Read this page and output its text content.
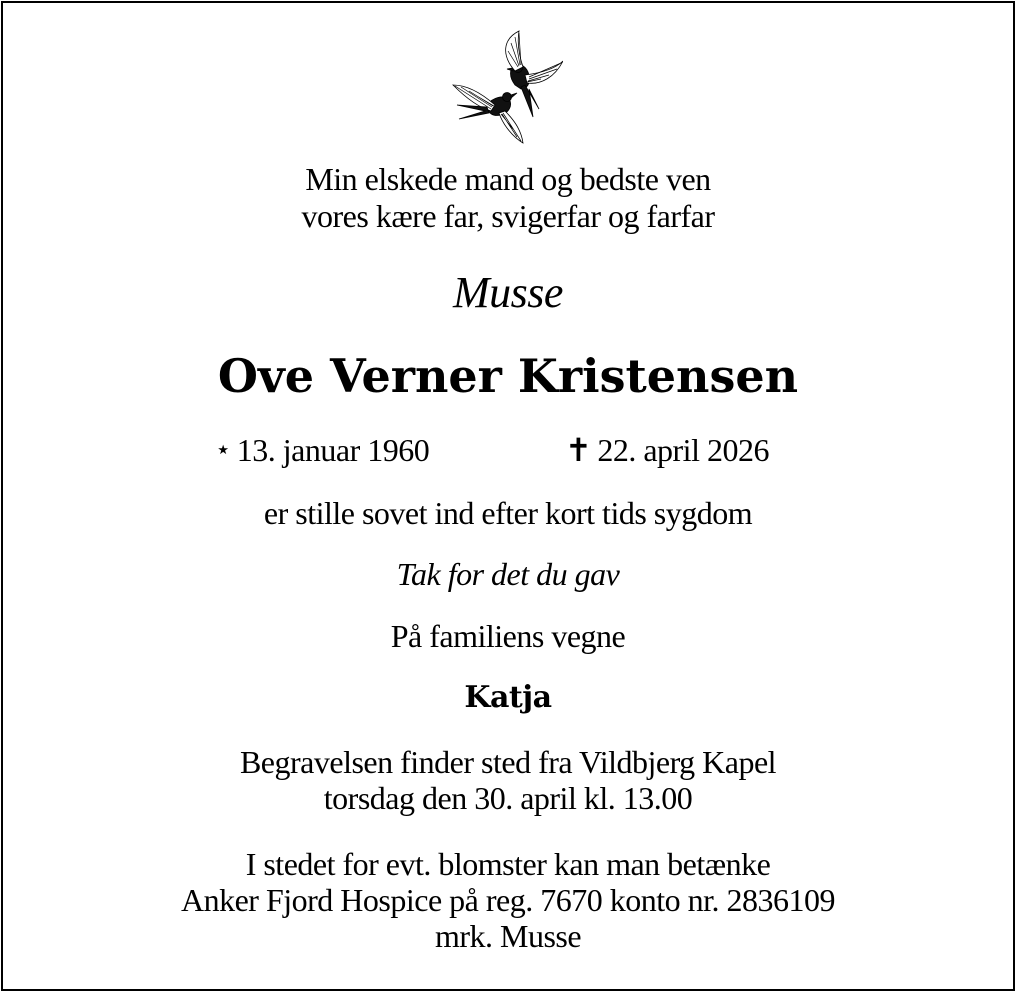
Min elskede mand og bedste ven
vores kære far, svigerfar og farfar
Musse
Ove Verner Kristensen
⋆ 13. januar 1960	✝ 22. april 2026
er stille sovet ind efter kort tids sygdom
Tak for det du gav
På familiens vegne
Katja
Begravelsen finder sted fra Vildbjerg Kapel
torsdag den 30. april kl. 13.00
I stedet for evt. blomster kan man betænke
Anker Fjord Hospice på reg. 7670 konto nr. 2836109
mrk. Musse
